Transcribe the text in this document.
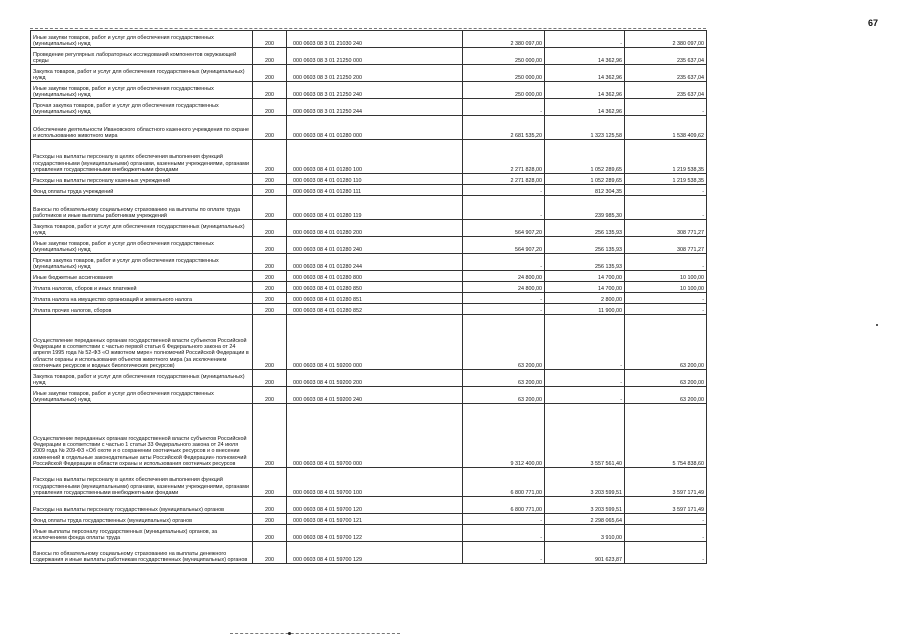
67
Иные закупки товаров, работ и услуг для обеспечения государственных (муниципальных) нужд	200	000 0603 08 3 01 21030 240	2 380 097,00	-	2 380 097,00
Проведение регулярных лабораторных исследований компонентов окружающей среды	200	000 0603 08 3 01 21250 000	250 000,00	14 362,96	235 637,04
Закупка товаров, работ и услуг для обеспечения государственных (муниципальных) нужд	200	000 0603 08 3 01 21250 200	250 000,00	14 362,96	235 637,04
Иные закупки товаров, работ и услуг для обеспечения государственных (муниципальных) нужд	200	000 0603 08 3 01 21250 240	250 000,00	14 362,96	235 637,04
Прочая закупка товаров, работ и услуг для обеспечения государственных (муниципальных) нужд	200	000 0603 08 3 01 21250 244	-	14 362,96	-
Обеспечение деятельности Ивановского областного казенного учреждения по охране и использованию животного мира	200	000 0603 08 4 01 01280 000	2 681 535,20	1 323 125,58	1 538 409,62
Расходы на выплаты персоналу в целях обеспечения выполнения функций государственными (муниципальными) органами, казенными учреждениями, органами управления государственными внебюджетными фондами	200	000 0603 08 4 01 01280 100	2 271 828,00	1 052 289,65	1 219 538,35
Расходы на выплаты персоналу казенных учреждений	200	000 0603 08 4 01 01280 110	2 271 828,00	1 052 289,65	1 219 538,35
Фонд оплаты труда учреждений	200	000 0603 08 4 01 01280 111	-	812 304,35	-
Взносы по обязательному социальному страхованию на выплаты по оплате труда работников и иные выплаты работникам учреждений	200	000 0603 08 4 01 01280 119	-	239 985,30	-
Закупка товаров, работ и услуг для обеспечения государственных (муниципальных) нужд	200	000 0603 08 4 01 01280 200	564 907,20	256 135,93	308 771,27
Иные закупки товаров, работ и услуг для обеспечения государственных (муниципальных) нужд	200	000 0603 08 4 01 01280 240	564 907,20	256 135,93	308 771,27
Прочая закупка товаров, работ и услуг для обеспечения государственных (муниципальных) нужд	200	000 0603 08 4 01 01280 244	-	256 135,93	-
Иные бюджетные ассигнования	200	000 0603 08 4 01 01280 800	24 800,00	14 700,00	10 100,00
Уплата налогов, сборов и иных платежей	200	000 0603 08 4 01 01280 850	24 800,00	14 700,00	10 100,00
Уплата налога на имущество организаций и земельного налога	200	000 0603 08 4 01 01280 851	-	2 800,00	-
Уплата прочих налогов, сборов	200	000 0603 08 4 01 01280 852	-	11 900,00	-
Осуществление переданных органам государственной власти субъектов Российской Федерации в соответствии с частью первой статьи 6 Федерального закона от 24 апреля 1995 года № 52-ФЗ «О животном мире» полномочий Российской Федерации в области охраны и использования объектов животного мира (за исключением охотничьих ресурсов и водных биологических ресурсов)	200	000 0603 08 4 01 59200 000	63 200,00	-	63 200,00
Закупка товаров, работ и услуг для обеспечения государственных (муниципальных) нужд	200	000 0603 08 4 01 59200 200	63 200,00	-	63 200,00
Иные закупки товаров, работ и услуг для обеспечения государственных (муниципальных) нужд	200	000 0603 08 4 01 59200 240	63 200,00	-	63 200,00
Осуществление переданных органам государственной власти субъектов Российской Федерации в соответствии с частью 1 статьи 33 Федерального закона от 24 июля 2009 года № 209-ФЗ «Об охоте и о сохранении охотничьих ресурсов и о внесении изменений в отдельные законодательные акты Российской Федерации» полномочий Российской Федерации в области охраны и использования охотничьих ресурсов	200	000 0603 08 4 01 59700 000	9 312 400,00	3 557 561,40	5 754 838,60
Расходы на выплаты персоналу в целях обеспечения выполнения функций государственными (муниципальными) органами, казенными учреждениями, органами управления государственными внебюджетными фондами	200	000 0603 08 4 01 59700 100	6 800 771,00	3 203 599,51	3 597 171,49
Расходы на выплаты персоналу государственных (муниципальных) органов	200	000 0603 08 4 01 59700 120	6 800 771,00	3 203 599,51	3 597 171,49
Фонд оплаты труда государственных (муниципальных) органов	200	000 0603 08 4 01 59700 121	-	2 298 065,64	-
Иные выплаты персоналу государственных (муниципальных) органов, за исключением фонда оплаты труда	200	000 0603 08 4 01 59700 122	-	3 910,00	-
Взносы по обязательному социальному страхованию на выплаты денежного содержания и иные выплаты работникам государственных (муниципальных) органов	200	000 0603 08 4 01 59700 129	-	901 623,87	-
